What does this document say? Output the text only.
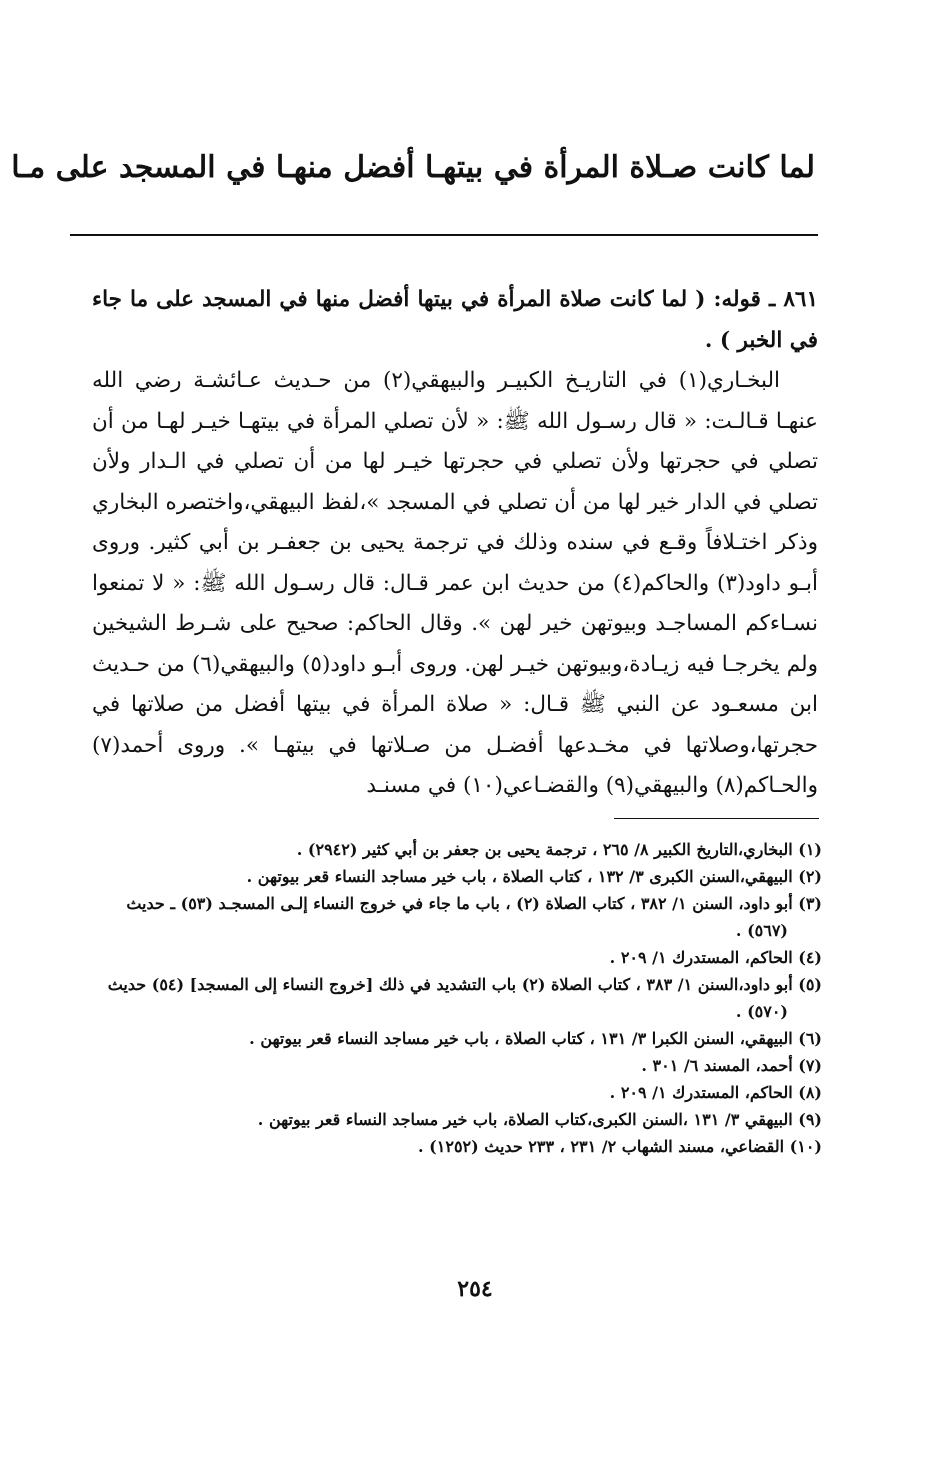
لما كانت صـلاة المرأة في بيتهـا أفضل منهـا في المسجد على مـا

٨٦١ ـ قوله: ( لما كانت صلاة المرأة في بيتها أفضل منها في المسجد على ما جاء في الخبر ) .

البخـاري(١) في التاريـخ الكبيـر والبيهقي(٢) من حـديث عـائشـة رضي الله عنهـا قـالـت: « قال رسـول الله ﷺ: « لأن تصلي المرأة في بيتهـا خيـر لهـا من أن تصلي في حجرتها ولأن تصلي في حجرتها خيـر لها من أن تصلي في الـدار ولأن تصلي في الدار خير لها من أن تصلي في المسجد »،لفظ البيهقي،واختصره البخاري وذكر اختـلافاً وقـع في سنده وذلك في ترجمة يحيى بن جعفـر بن أبي كثير. وروى أبـو داود(٣) والحاكم(٤) من حديث ابن عمر قـال: قال رسـول الله ﷺ: « لا تمنعوا نسـاءكم المساجـد وبيوتهن خير لهن ». وقال الحاكم: صحيح على شـرط الشيخين ولم يخرجـا فيه زيـادة،وبيوتهن خيـر لهن. وروى أبـو داود(٥) والبيهقي(٦) من حـديث ابن مسعـود عن النبي ﷺ قـال: « صلاة المرأة في بيتها أفضل من صلاتها في حجرتها،وصلاتها في مخـدعها أفضـل من صـلاتها في بيتهـا ». وروى أحمد(٧) والحـاكم(٨) والبيهقي(٩) والقضـاعي(١٠) في مسنـد

(١) البخاري،التاريخ الكبير ٨/ ٢٦٥ ، ترجمة يحيى بن جعفر بن أبي كثير (٢٩٤٢) .

(٢) البيهقي،السنن الكبرى ٣/ ١٣٢ ، كتاب الصلاة ، باب خير مساجد النساء قعر بيوتهن .

(٣) أبو داود، السنن ١/ ٣٨٢ ، كتاب الصلاة (٢) ، باب ما جاء في خروج النساء إلـى المسجـد (٥٣) ـ حديث (٥٦٧) .

(٤) الحاكم، المستدرك ١/ ٢٠٩ .

(٥) أبو داود،السنن ١/ ٣٨٣ ، كتاب الصلاة (٢) باب التشديد في ذلك [خروج النساء إلى المسجد] (٥٤) حديث (٥٧٠) .

(٦) البيهقي، السنن الكبرا ٣/ ١٣١ ، كتاب الصلاة ، باب خير مساجد النساء قعر بيوتهن .

(٧) أحمد، المسند ٦/ ٣٠١ .

(٨) الحاكم، المستدرك ١/ ٢٠٩ .

(٩) البيهقي ٣/ ١٣١ ،السنن الكبرى،كتاب الصلاة، باب خير مساجد النساء قعر بيوتهن .

(١٠) القضاعي، مسند الشهاب ٢/ ٢٣١ ، ٢٣٣ حديث (١٢٥٢) .

٢٥٤
